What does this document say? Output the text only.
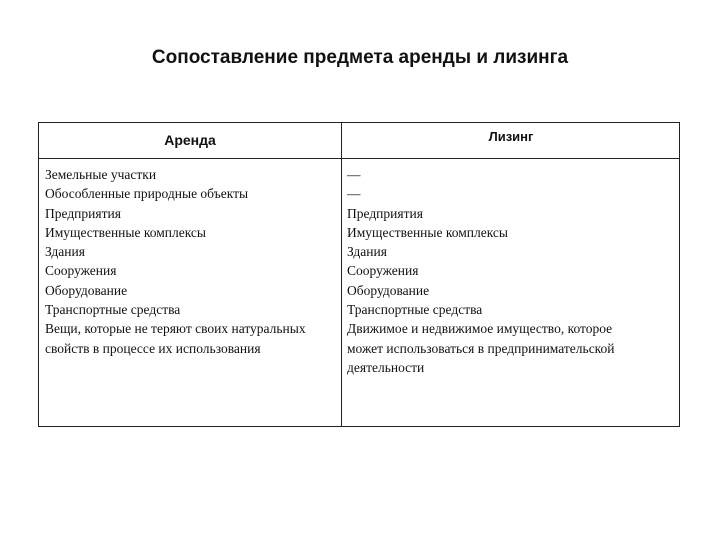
Сопоставление предмета аренды и лизинга
Аренда	Лизинг
Земельные участки
Обособленные природные объекты
Предприятия
Имущественные комплексы
Здания
Сооружения
Оборудование
Транспортные средства
Вещи, которые не теряют своих натуральных
свойств в процессе их использования
—
—
Предприятия
Имущественные комплексы
Здания
Сооружения
Оборудование
Транспортные средства
Движимое и недвижимое имущество, которое
может использоваться в предпринимательской
деятельности
